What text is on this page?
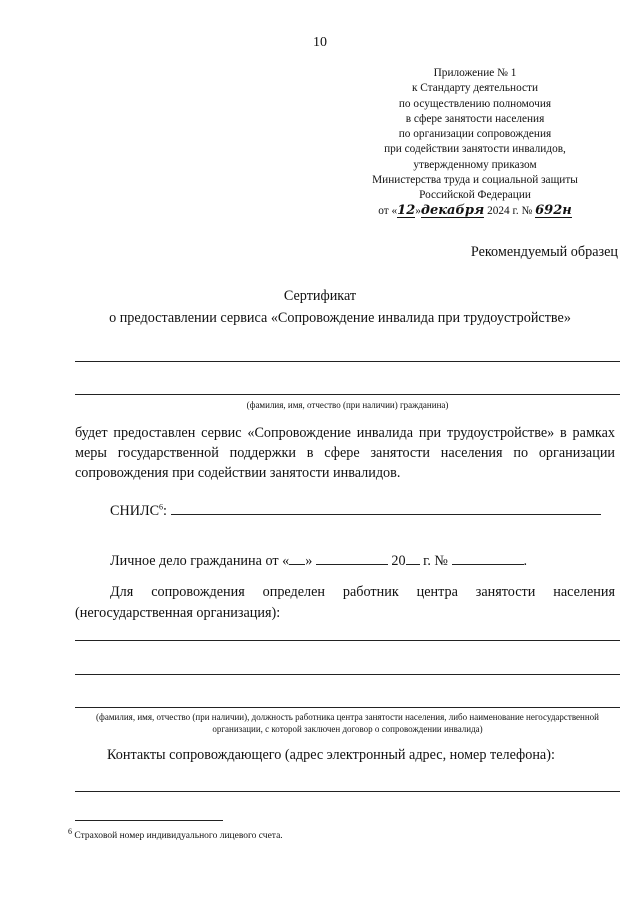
10
Приложение № 1
к Стандарту деятельности
по осуществлению полномочия
в сфере занятости населения
по организации сопровождения
при содействии занятости инвалидов,
утвержденному приказом
Министерства труда и социальной защиты
Российской Федерации
от «12»декабря 2024 г. № 692н
Рекомендуемый образец
Сертификат
о предоставлении сервиса «Сопровождение инвалида при трудоустройстве»
(фамилия, имя, отчество (при наличии) гражданина)
будет предоставлен сервис «Сопровождение инвалида при трудоустройстве» в рамках меры государственной поддержки в сфере занятости населения по организации сопровождения при содействии занятости инвалидов.
СНИЛС$^6$:
Личное дело гражданина от « »	20 г. №	.
Для сопровождения определен работник центра занятости населения (негосударственная организация):
(фамилия, имя, отчество (при наличии), должность работника центра занятости населения, либо наименование негосударственной организации, с которой заключен договор о сопровождении инвалида)
Контакты сопровождающего (адрес электронный адрес, номер телефона):
$^6$ Страховой номер индивидуального лицевого счета.
